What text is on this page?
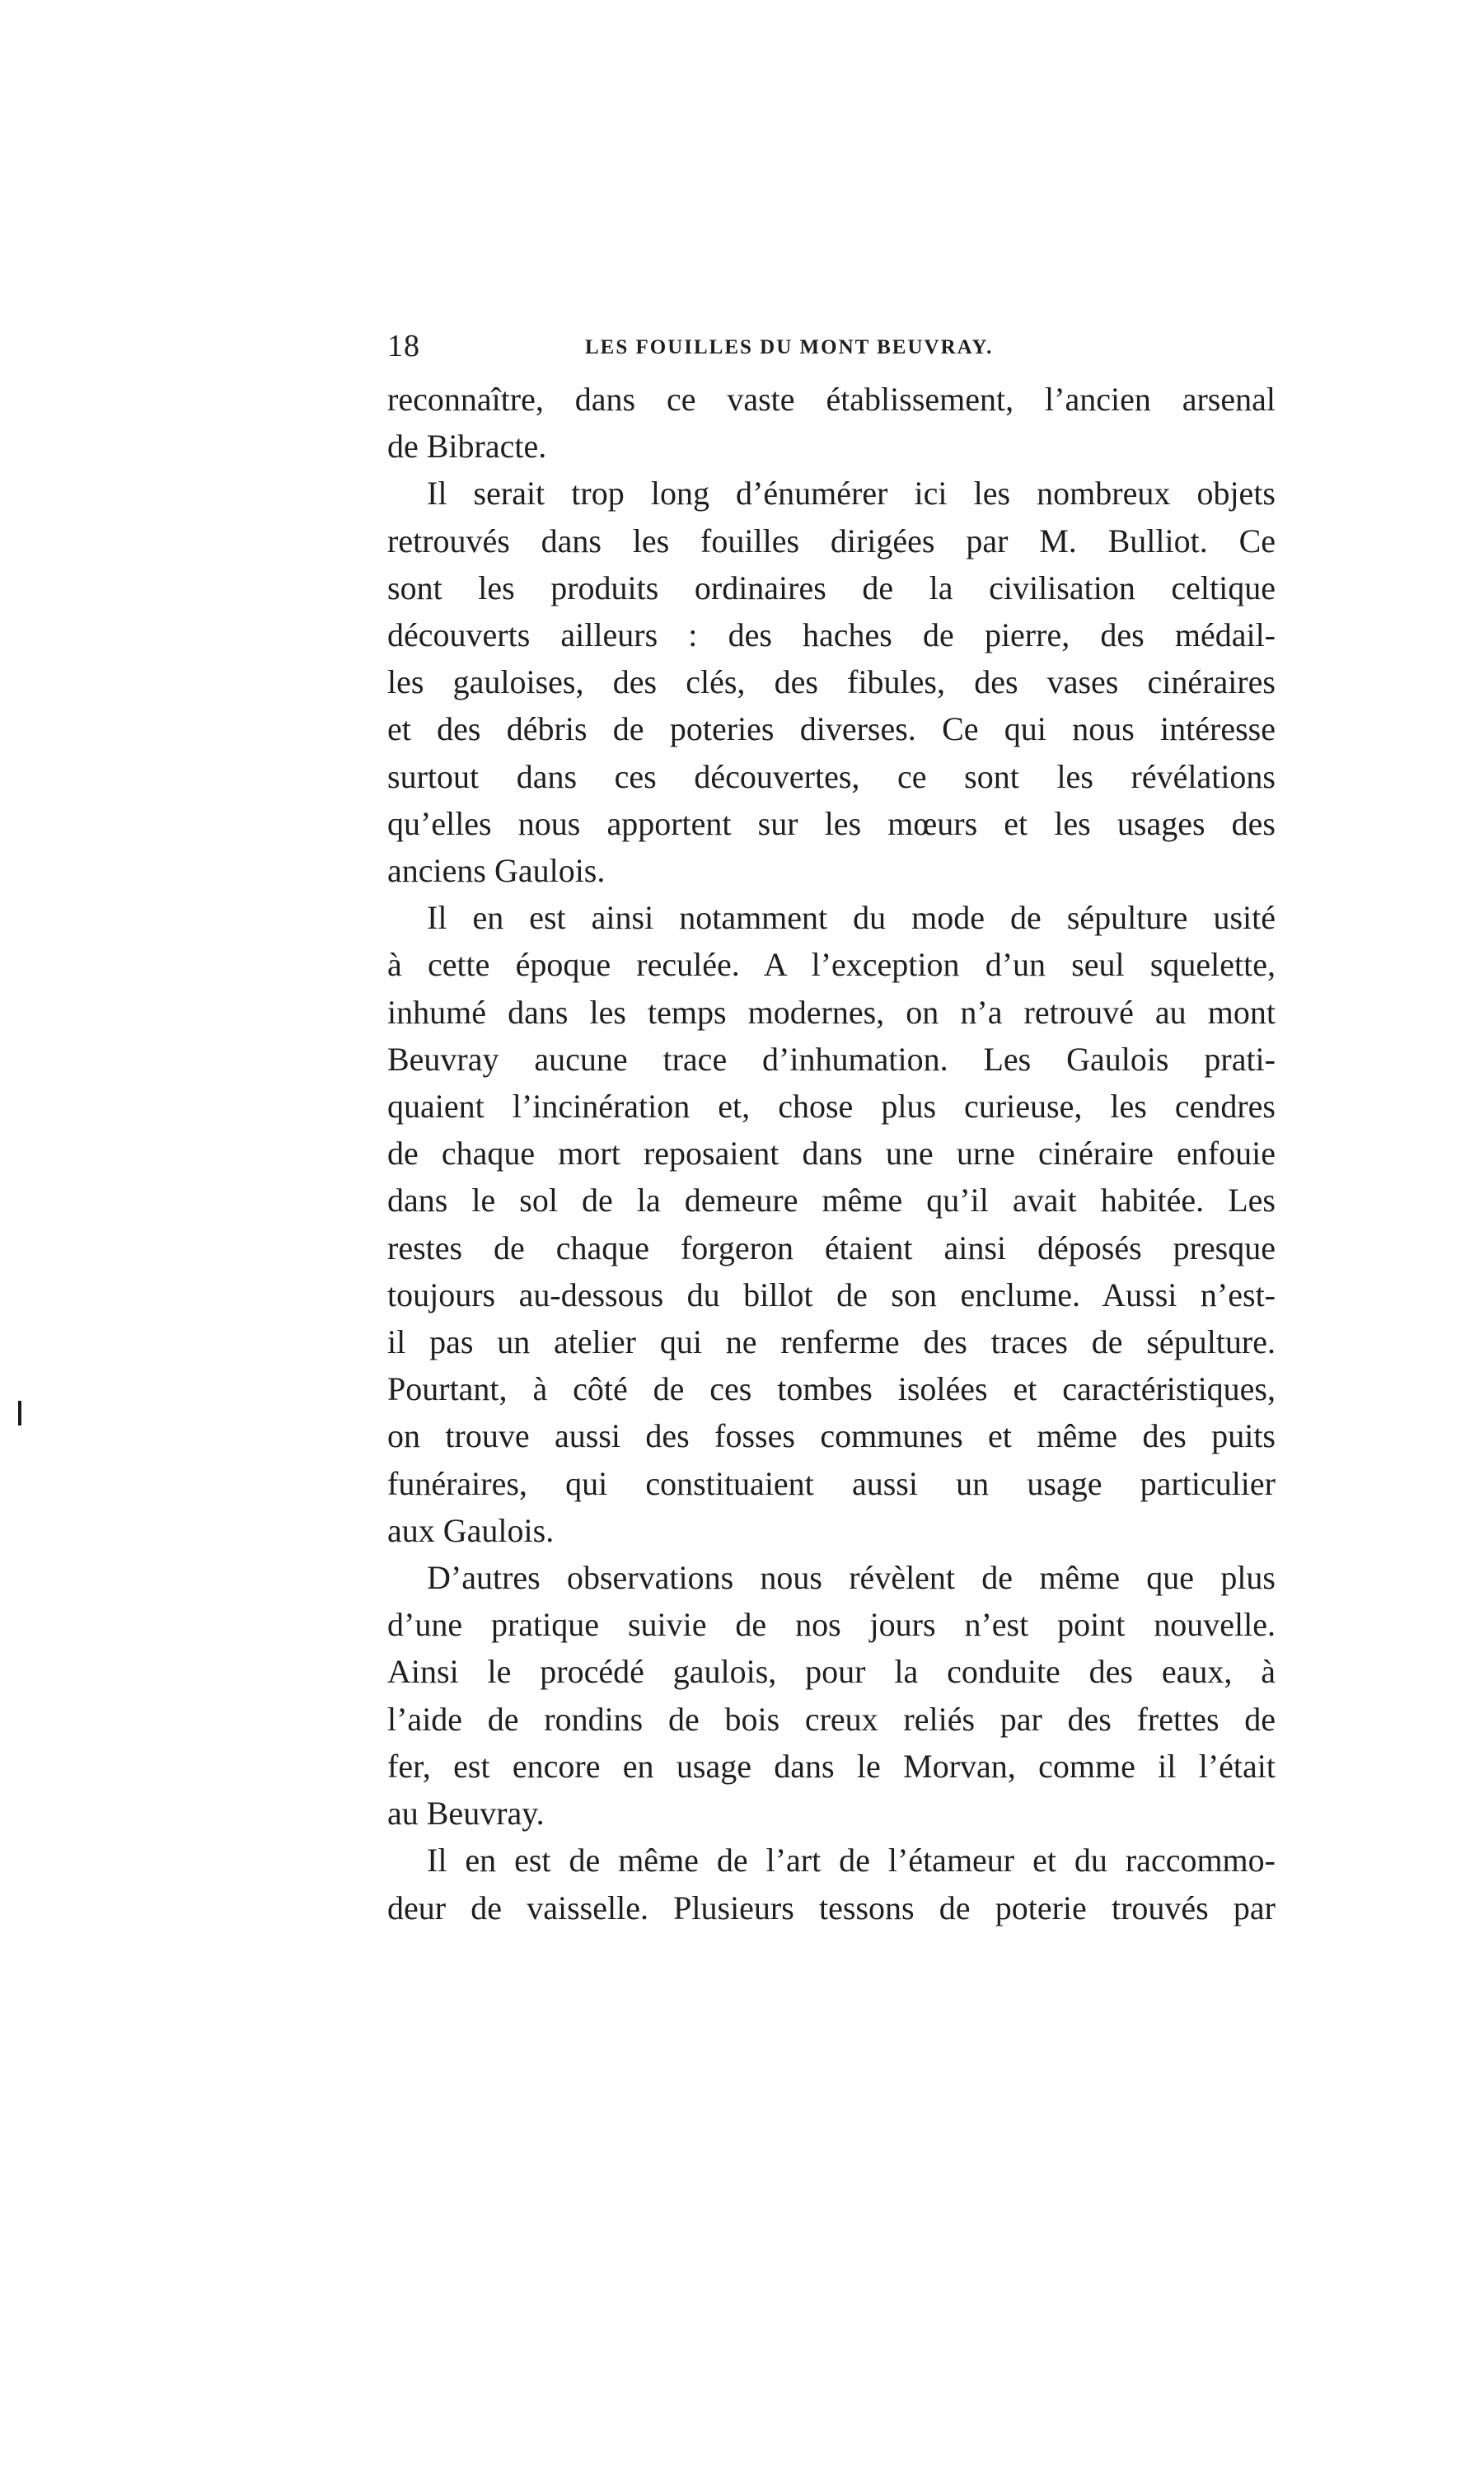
18	LES FOUILLES DU MONT BEUVRAY.

reconnaître, dans ce vaste établissement, l’ancien arsenal

de Bibracte.

Il serait trop long d’énumérer ici les nombreux objets

retrouvés dans les fouilles dirigées par M. Bulliot. Ce

sont les produits ordinaires de la civilisation celtique

découverts ailleurs : des haches de pierre, des médail-

les gauloises, des clés, des fibules, des vases cinéraires

et des débris de poteries diverses. Ce qui nous intéresse

surtout dans ces découvertes, ce sont les révélations

qu’elles nous apportent sur les mœurs et les usages des

anciens Gaulois.

Il en est ainsi notamment du mode de sépulture usité

à cette époque reculée. A l’exception d’un seul squelette,

inhumé dans les temps modernes, on n’a retrouvé au mont

Beuvray aucune trace d’inhumation. Les Gaulois prati-

quaient l’incinération et, chose plus curieuse, les cendres

de chaque mort reposaient dans une urne cinéraire enfouie

dans le sol de la demeure même qu’il avait habitée. Les

restes de chaque forgeron étaient ainsi déposés presque

toujours au-dessous du billot de son enclume. Aussi n’est-

il pas un atelier qui ne renferme des traces de sépulture.

Pourtant, à côté de ces tombes isolées et caractéristiques,

on trouve aussi des fosses communes et même des puits

funéraires, qui constituaient aussi un usage particulier

aux Gaulois.

D’autres observations nous révèlent de même que plus

d’une pratique suivie de nos jours n’est point nouvelle.

Ainsi le procédé gaulois, pour la conduite des eaux, à

l’aide de rondins de bois creux reliés par des frettes de

fer, est encore en usage dans le Morvan, comme il l’était

au Beuvray.

Il en est de même de l’art de l’étameur et du raccommo-

deur de vaisselle. Plusieurs tessons de poterie trouvés par
